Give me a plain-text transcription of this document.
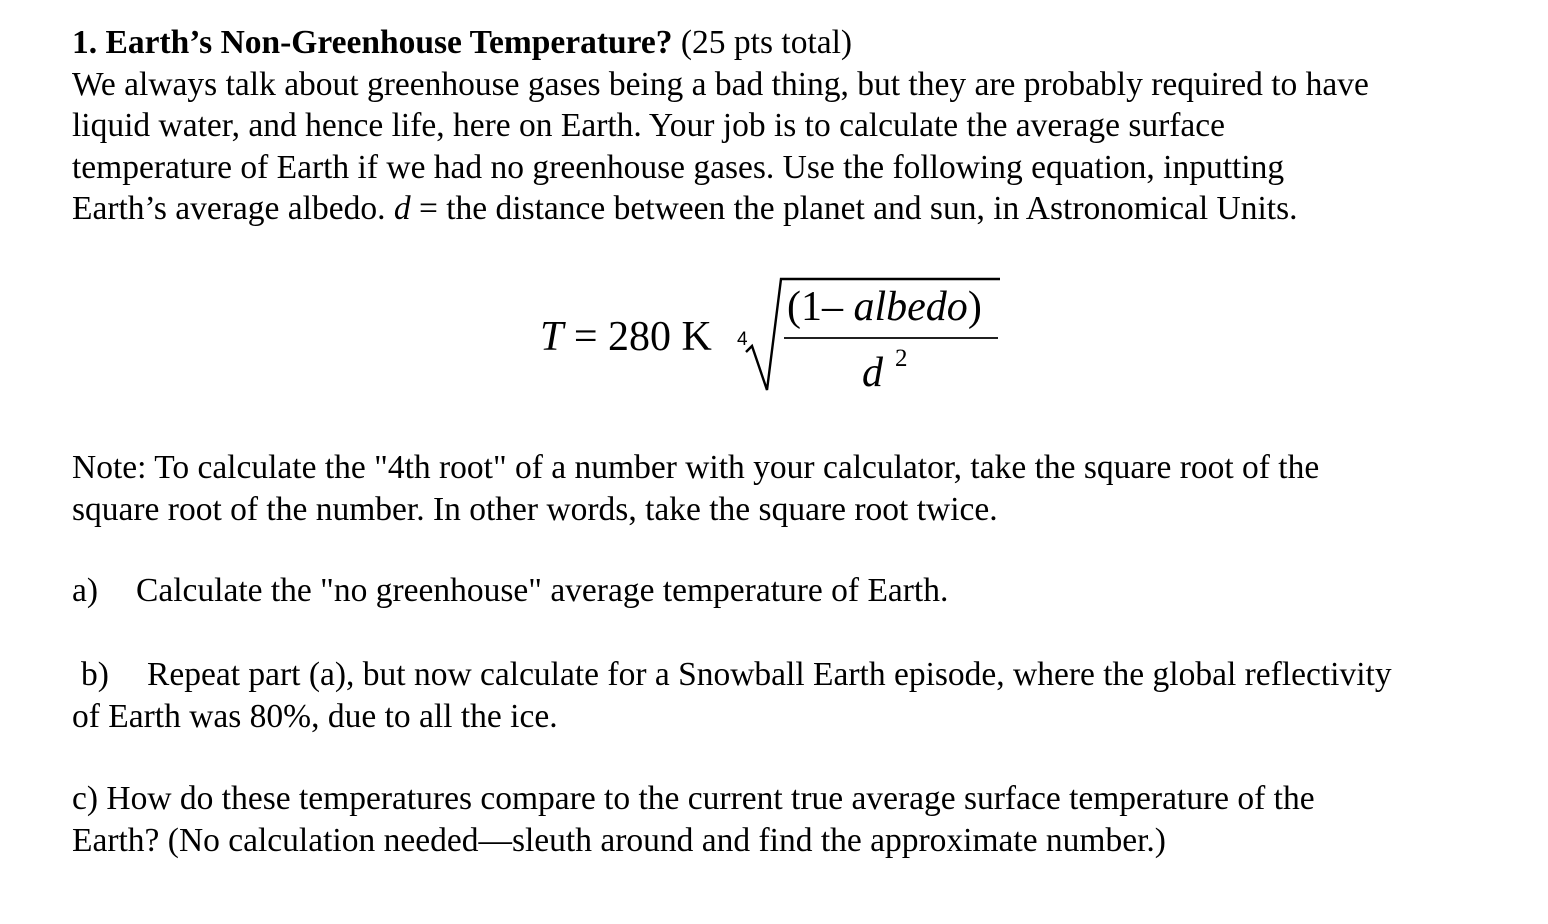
1. Earth’s Non-Greenhouse Temperature? (25 pts total)

We always talk about greenhouse gases being a bad thing, but they are probably required to have
liquid water, and hence life, here on Earth. Your job is to calculate the average surface
temperature of Earth if we had no greenhouse gases. Use the following equation, inputting
Earth’s average albedo. d = the distance between the planet and sun, in Astronomical Units.

T = 280 K 4
(1– albedo)
d 2
Note: To calculate the "4th root" of a number with your calculator, take the square root of the
square root of the number. In other words, take the square root twice.
a) Calculate the "no greenhouse" average temperature of Earth.
b) Repeat part (a), but now calculate for a Snowball Earth episode, where the global reflectivity
of Earth was 80%, due to all the ice.
c) How do these temperatures compare to the current true average surface temperature of the
Earth? (No calculation needed—sleuth around and find the approximate number.)
